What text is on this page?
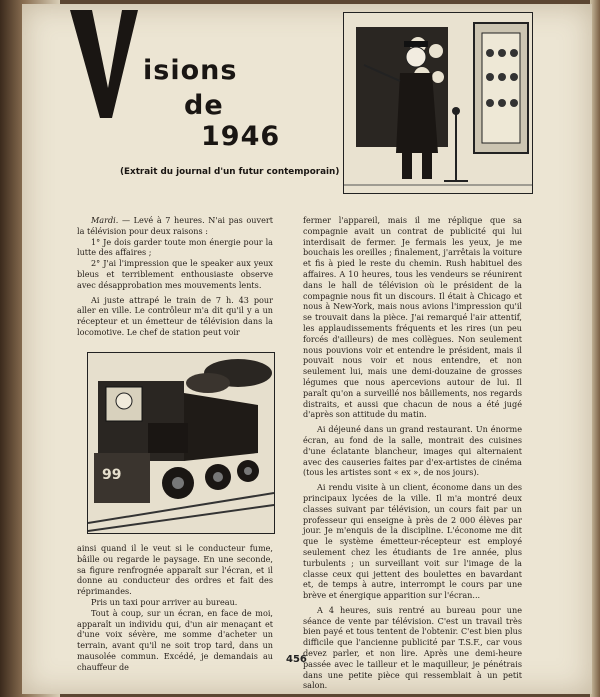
isions
de
1946
(Extrait du journal d'un futur contemporain)

Mardi. — Levé à 7 heures. N'ai pas ouvert la télévision pour deux raisons :

1° Je dois garder toute mon énergie pour la lutte des affaires ;

2° J'ai l'impression que le speaker aux yeux bleus et terriblement enthousiaste observe avec désapprobation mes mouvements lents.

Ai juste attrapé le train de 7 h. 43 pour aller en ville. Le contrôleur m'a dit qu'il y a un récepteur et un émetteur de télévision dans la locomotive. Le chef de station peut voir

99

ainsi quand il le veut si le conducteur fume, bâille ou regarde le paysage. En une seconde, sa figure renfrognée apparaît sur l'écran, et il donne au conducteur des ordres et fait des réprimandes.

Pris un taxi pour arriver au bureau.

Tout à coup, sur un écran, en face de moi, apparaît un individu qui, d'un air menaçant et d'une voix sévère, me somme d'acheter un terrain, avant qu'il ne soit trop tard, dans un mausolée commun. Excédé, je demandais au chauffeur de

fermer l'appareil, mais il me réplique que sa compagnie avait un contrat de publicité qui lui interdisait de fermer. Je fermais les yeux, je me bouchais les oreilles ; finalement, j'arrêtais la voiture et fis à pied le reste du chemin. Rush habituel des affaires. A 10 heures, tous les vendeurs se réunirent dans le hall de télévision où le président de la compagnie nous fit un discours. Il était à Chicago et nous à New-York, mais nous avions l'impression qu'il se trouvait dans la pièce. J'ai remarqué l'air attentif, les applaudissements fréquents et les rires (un peu forcés d'ailleurs) de mes collègues. Non seulement nous pouvions voir et entendre le président, mais il pouvait nous voir et nous entendre, et non seulement lui, mais une demi-douzaine de grosses légumes que nous apercevions autour de lui. Il paraît qu'on a surveillé nos bâillements, nos regards distraits, et aussi que chacun de nous a été jugé d'après son attitude du matin.

Ai déjeuné dans un grand restaurant. Un énorme écran, au fond de la salle, montrait des cuisines d'une éclatante blancheur, images qui alternaient avec des causeries faites par d'ex-artistes de cinéma (tous les artistes sont « ex », de nos jours).

Ai rendu visite à un client, économe dans un des principaux lycées de la ville. Il m'a montré deux classes suivant par télévision, un cours fait par un professeur qui enseigne à près de 2 000 élèves par jour. Je m'enquis de la discipline. L'économe me dit que le système émetteur-récepteur est employé seulement chez les étudiants de 1re année, plus turbulents ; un surveillant voit sur l'image de la classe ceux qui jettent des boulettes en bavardant et, de temps à autre, interrompt le cours par une brève et énergique apparition sur l'écran...

A 4 heures, suis rentré au bureau pour une séance de vente par télévision. C'est un travail très bien payé et tous tentent de l'obtenir. C'est bien plus difficile que l'ancienne publicité par T.S.F., car vous devez parler, et non lire. Après une demi-heure passée avec le tailleur et le maquilleur, je pénétrais dans une petite pièce qui ressemblait à un petit salon.

456
